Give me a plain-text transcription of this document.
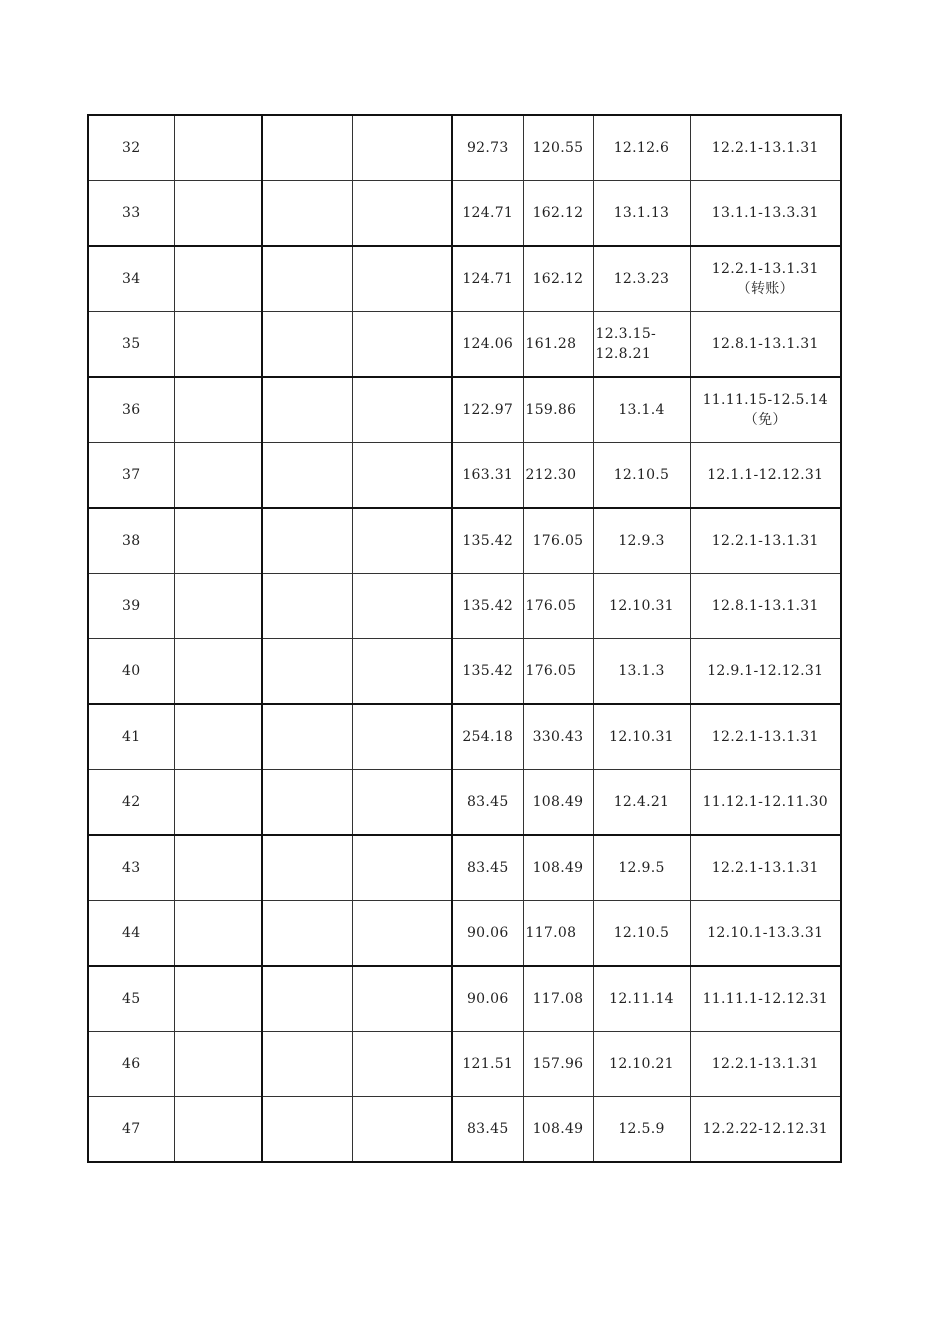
32				92.73	120.55	12.12.6	12.2.1-13.1.31

33				124.71	162.12	13.1.13	13.1.1-13.3.31

34				124.71	162.12	12.3.23	12.2.1-13.1.31
（转账）

35				124.06	161.28	12.3.15-
12.8.21	12.8.1-13.1.31

36				122.97	159.86	13.1.4	11.11.15-12.5.14
（免）

37				163.31	212.30	12.10.5	12.1.1-12.12.31

38				135.42	176.05	12.9.3	12.2.1-13.1.31

39				135.42	176.05	12.10.31	12.8.1-13.1.31

40				135.42	176.05	13.1.3	12.9.1-12.12.31

41				254.18	330.43	12.10.31	12.2.1-13.1.31

42				83.45	108.49	12.4.21	11.12.1-12.11.30

43				83.45	108.49	12.9.5	12.2.1-13.1.31

44				90.06	117.08	12.10.5	12.10.1-13.3.31

45				90.06	117.08	12.11.14	11.11.1-12.12.31

46				121.51	157.96	12.10.21	12.2.1-13.1.31

47				83.45	108.49	12.5.9	12.2.22-12.12.31
